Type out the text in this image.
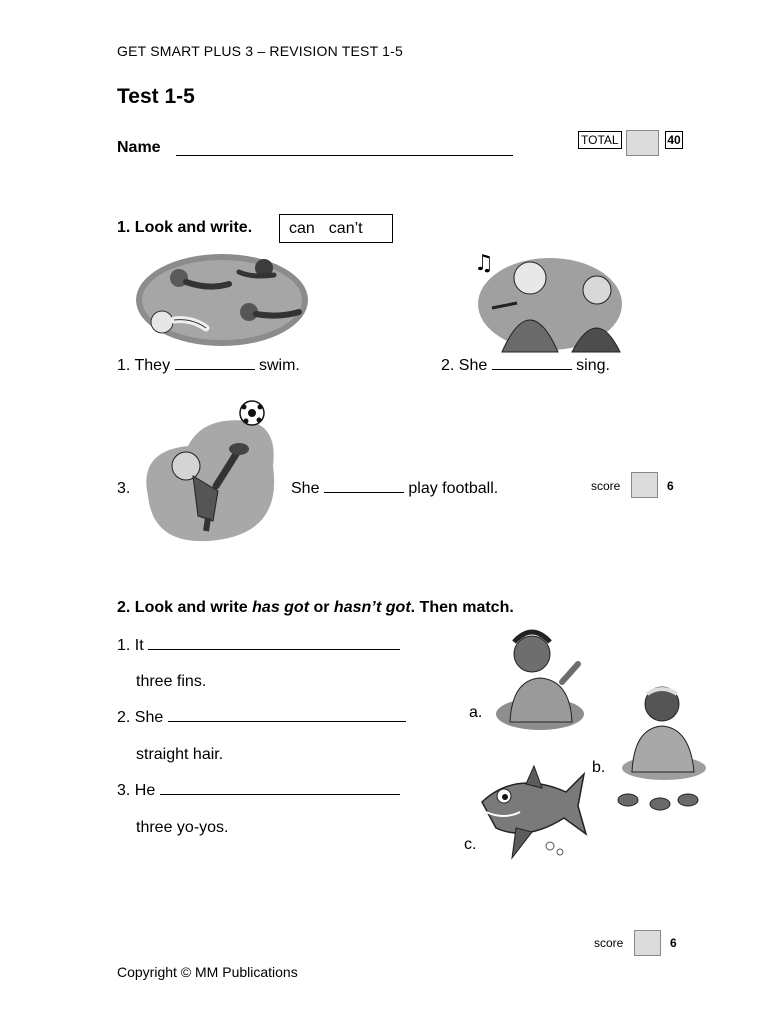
GET SMART PLUS 3 – REVISION TEST 1-5
Test 1-5
Name	TOTAL	40
1. Look and write.	can can’t
♫
1. They	swim.	2. She	sing.
3.	She	play football.	score	6
2. Look and write has got or hasn’t got. Then match.
1. It
three fins.
2. She
straight hair.
3. He
three yo-yos.
a.
b.
c.
score	6
Copyright © MM Publications
